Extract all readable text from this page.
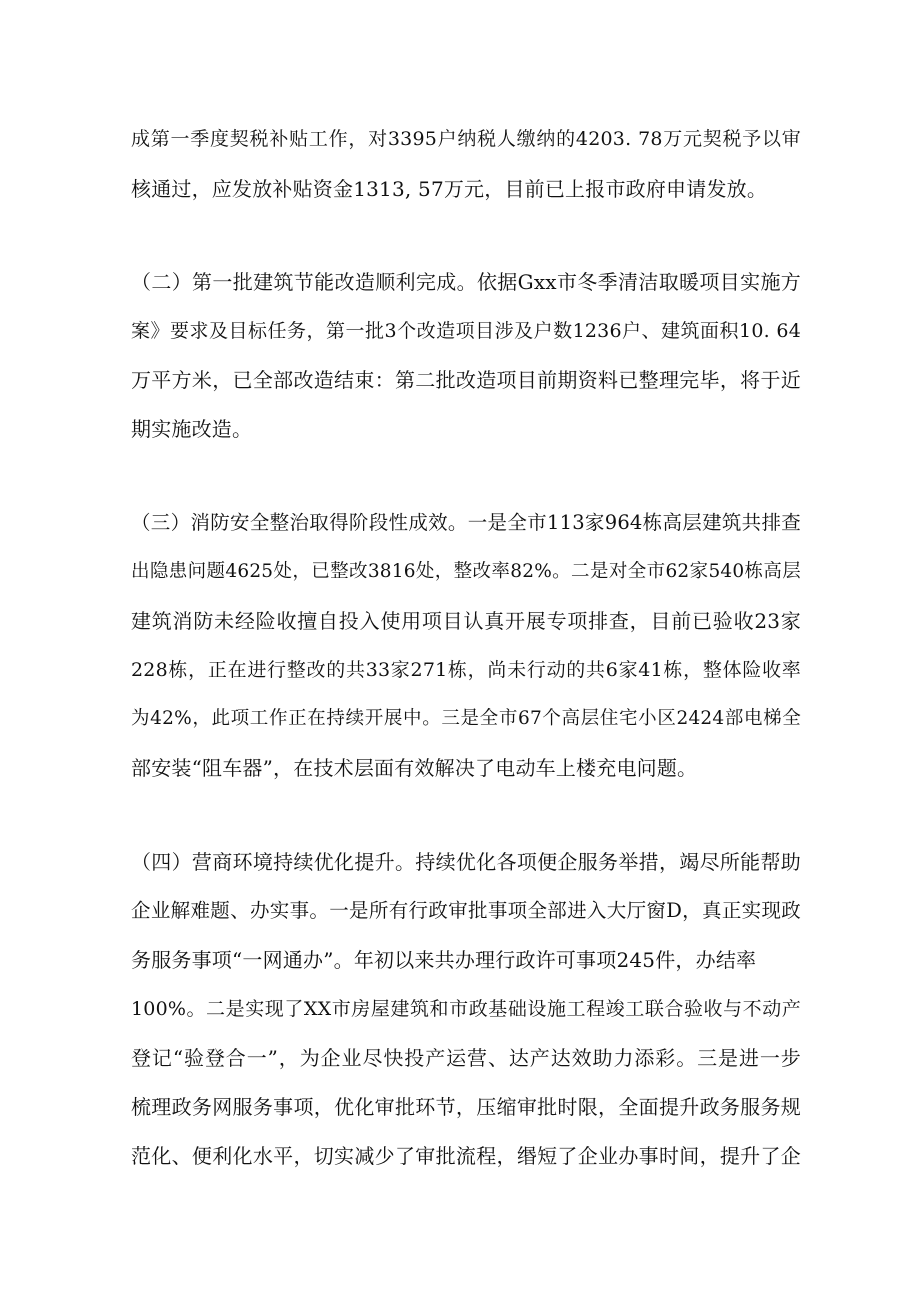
成第一季度契税补贴工作，对3395户纳税人缴纳的4203. 78万元契税予以审
核通过，应发放补贴资金1313, 57万元，目前已上报市政府申请发放。
（二）第一批建筑节能改造顺利完成。依据Gxx市冬季清洁取暖项目实施方
案》要求及目标任务，第一批3个改造项目涉及户数1236户、建筑面积10. 64
万平方米，已全部改造结束：第二批改造项目前期资料已整理完毕，将于近
期实施改造。
（三）消防安全整治取得阶段性成效。一是全市113家964栋高层建筑共排查
出隐患问题4625处，已整改3816处，整改率82%。二是对全市62家540栋高层
建筑消防未经险收擅自投入使用项目认真开展专项排查，目前已验收23家
228栋，正在进行整改的共33家271栋，尚未行动的共6家41栋，整体险收率
为42%，此项工作正在持续开展中。三是全市67个高层住宅小区2424部电梯全
部安装“阻车器”，在技术层面有效解决了电动车上楼充电问题。
（四）营商环境持续优化提升。持续优化各项便企服务举措，竭尽所能帮助
企业解难题、办实事。一是所有行政审批事项全部进入大厅窗D，真正实现政
务服务事项“一网通办”。年初以来共办理行政许可事项245件，办结率
100%。二是实现了XX市房屋建筑和市政基础设施工程竣工联合验收与不动产
登记“验登合一”，为企业尽快投产运营、达产达效助力添彩。三是进一步
梳理政务网服务事项，优化审批环节，压缩审批时限，全面提升政务服务规
范化、便利化水平，切实减少了审批流程，缗短了企业办事时间，提升了企
